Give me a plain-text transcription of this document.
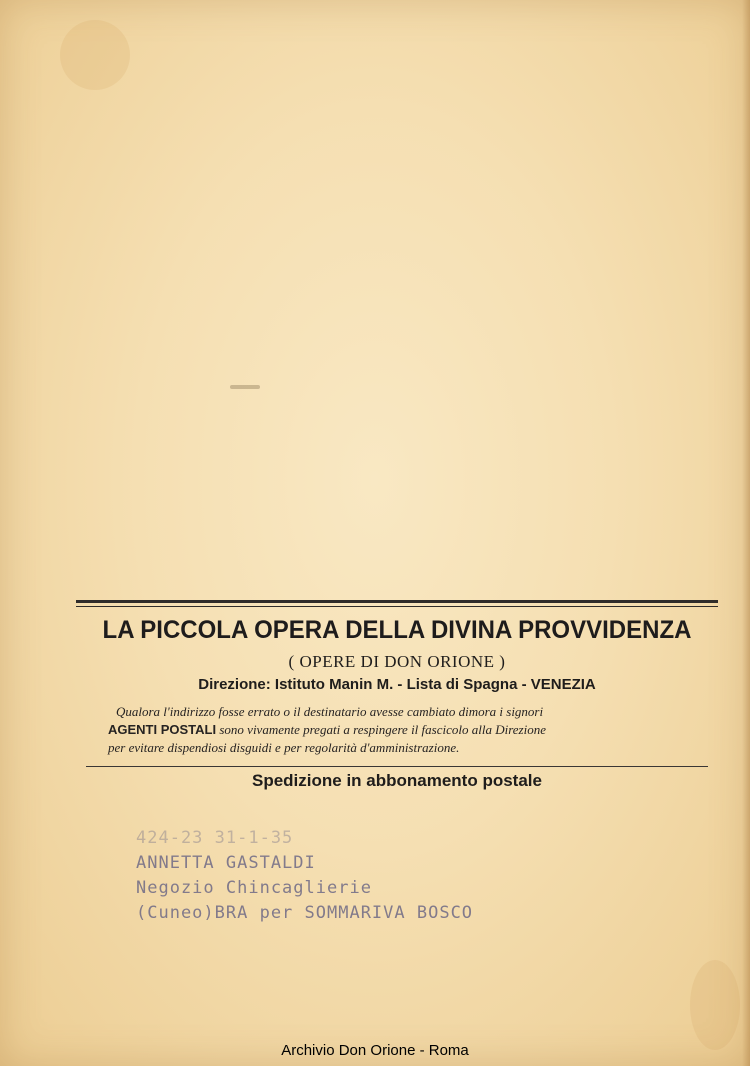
LA PICCOLA OPERA DELLA DIVINA PROVVIDENZA
( OPERE DI DON ORIONE )
Direzione: Istituto Manin M. - Lista di Spagna - VENEZIA
Qualora l'indirizzo fosse errato o il destinatario avesse cambiato dimora i signori
AGENTI POSTALI sono vivamente pregati a respingere il fascicolo alla Direzione
per evitare dispendiosi disguidi e per regolarità d'amministrazione.
Spedizione in abbonamento postale
424-23 31-1-35
ANNETTA GASTALDI
Negozio Chincaglierie
(Cuneo)BRA per SOMMARIVA BOSCO
Archivio Don Orione - Roma
